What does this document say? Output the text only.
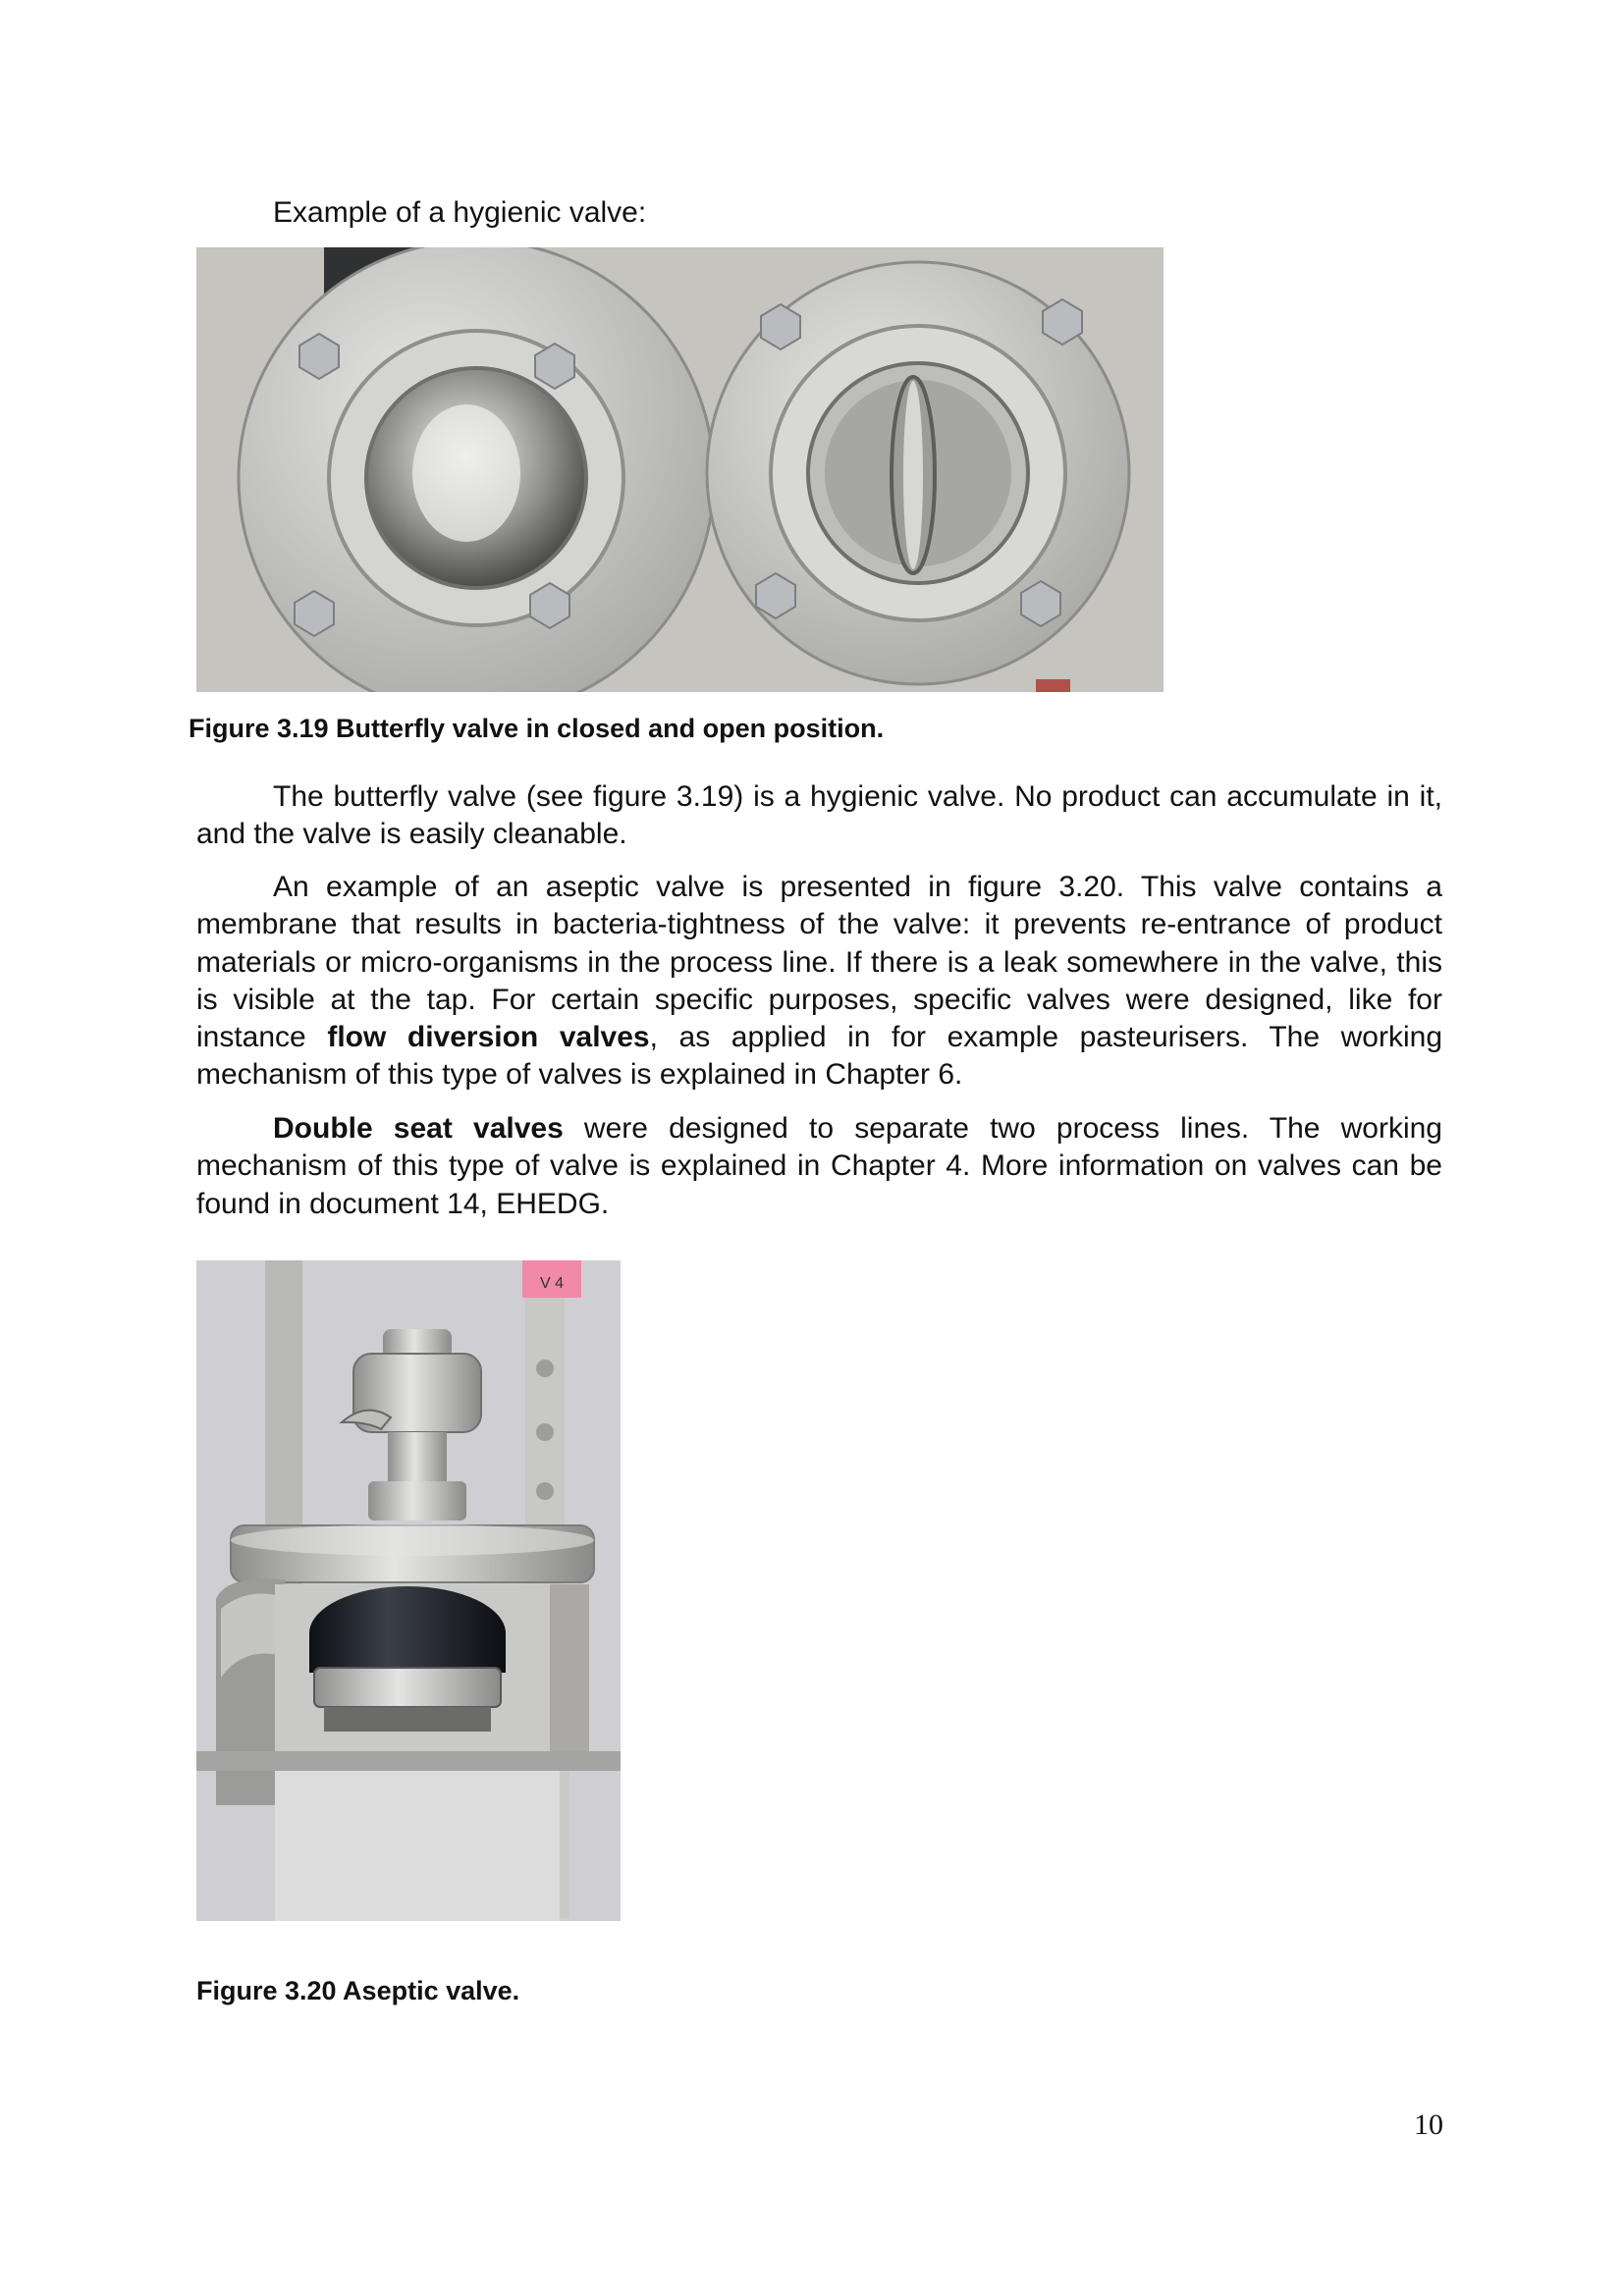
Example of a hygienic valve:
Figure 3.19 Butterfly valve in closed and open position.
The butterfly valve (see figure 3.19) is a hygienic valve. No product can accumulate in it, and the valve is easily cleanable.
An example of an aseptic valve is presented in figure 3.20. This valve contains a membrane that results in bacteria-tightness of the valve: it prevents re-entrance of product materials or micro-organisms in the process line. If there is a leak somewhere in the valve, this is visible at the tap. For certain specific purposes, specific valves were designed, like for instance flow diversion valves, as applied in for example pasteurisers. The working mechanism of this type of valves is explained in Chapter 6.
Double seat valves were designed to separate two process lines. The working mechanism of this type of valve is explained in Chapter 4. More information on valves can be found in document 14, EHEDG.
V 4
Figure 3.20 Aseptic valve.
10
